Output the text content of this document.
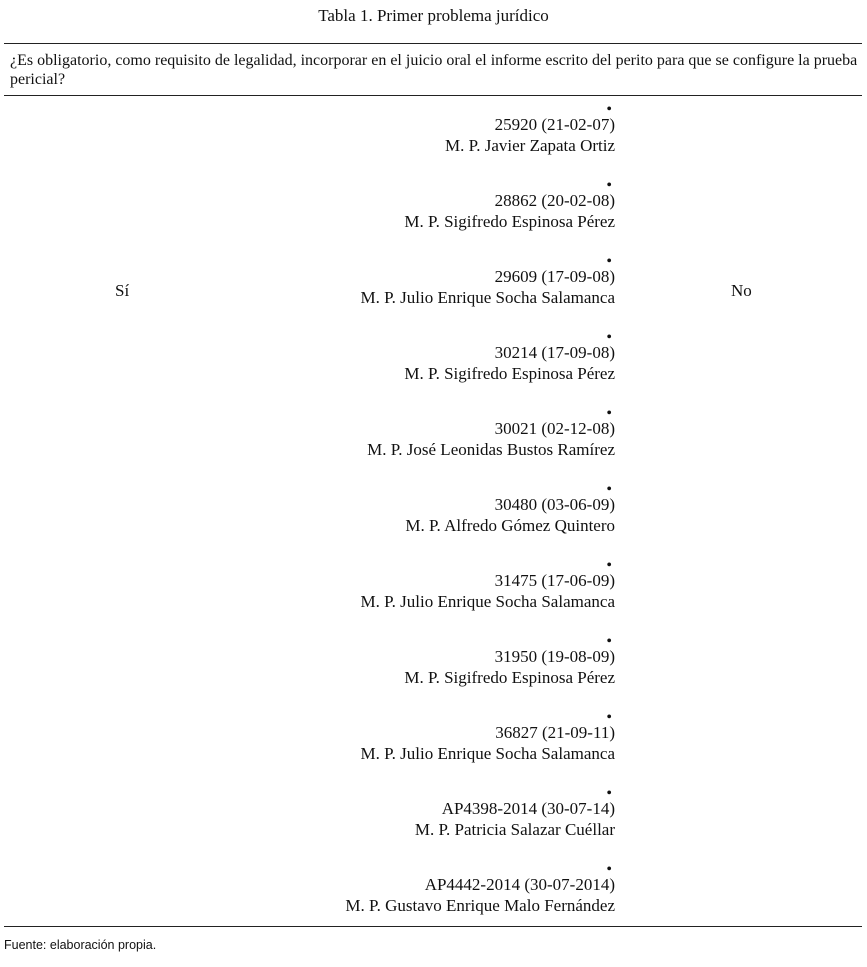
Tabla 1. Primer problema jurídico
¿Es obligatorio, como requisito de legalidad, incorporar en el juicio oral el informe escrito del perito para que se configure la prueba pericial?
Sí	No
•
25920 (21-02-07)
M. P. Javier Zapata Ortiz
•
28862 (20-02-08)
M. P. Sigifredo Espinosa Pérez
•
29609 (17-09-08)
M. P. Julio Enrique Socha Salamanca
•
30214 (17-09-08)
M. P. Sigifredo Espinosa Pérez
•
30021 (02-12-08)
M. P. José Leonidas Bustos Ramírez
•
30480 (03-06-09)
M. P. Alfredo Gómez Quintero
•
31475 (17-06-09)
M. P. Julio Enrique Socha Salamanca
•
31950 (19-08-09)
M. P. Sigifredo Espinosa Pérez
•
36827 (21-09-11)
M. P. Julio Enrique Socha Salamanca
•
AP4398-2014 (30-07-14)
M. P. Patricia Salazar Cuéllar
•
AP4442-2014 (30-07-2014)
M. P. Gustavo Enrique Malo Fernández
Fuente: elaboración propia.
